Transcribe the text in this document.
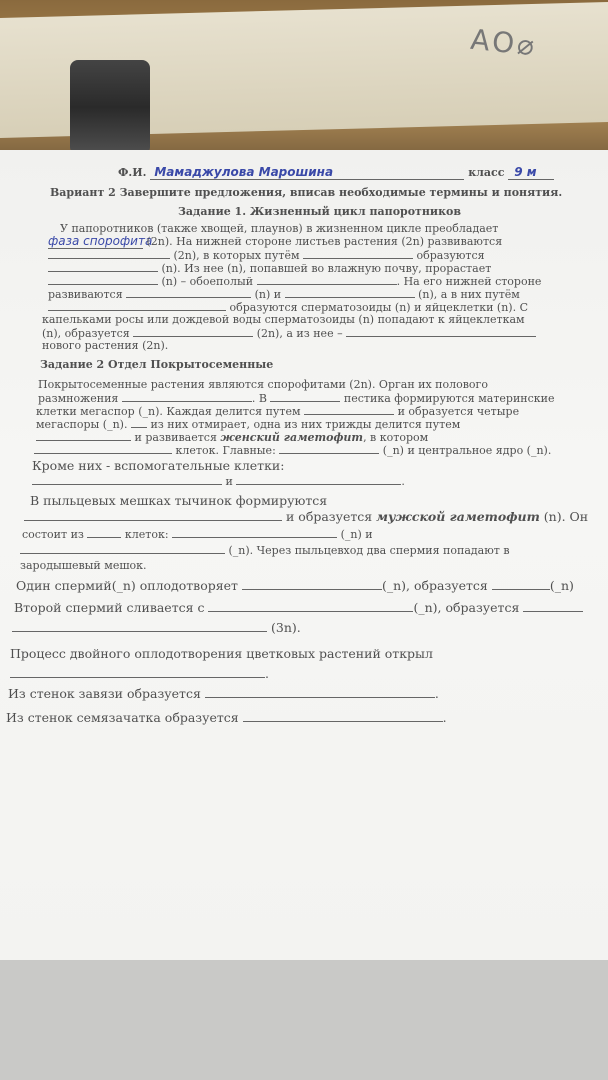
AO⌀
Ф.И. Мамаджулова Марошина	класс 9 м
Вариант 2 Завершите предложения, вписав необходимые термины и понятия.
Задание 1. Жизненный цикл папоротников
У папоротников (также хвощей, плаунов) в жизненном цикле преобладает
фаза спорофита (2n). На нижней стороне листьев растения (2n) развиваются
(2n), в которых путём	образуются
(n). Из нее (n), попавшей во влажную почву, прорастает
(n) – обоеполый	. На его нижней стороне
развиваются	(n) и	(n), а в них путём
образуются сперматозоиды (n) и яйцеклетки (n). С
капельками росы или дождевой воды сперматозоиды (n) попадают к яйцеклеткам
(n), образуется	(2n), а из нее –
нового растения (2n).
Задание 2 Отдел Покрытосеменные
Покрытосеменные растения являются спорофитами (2n). Орган их полового
размножения	. В	пестика формируются материнские
клетки мегаспор (_n). Каждая делится путем	и образуется четыре
мегаспоры (_n). из них отмирает, одна из них трижды делится путем
и развивается женский гаметофит, в котором
клеток. Главные:	(_n) и центральное ядро (_n).
Кроме них - вспомогательные клетки:
и	.
В пыльцевых мешках тычинок формируются
и образуется мужской гаметофит (n). Он
состоит из	клеток:	(_n) и
(_n). Через пыльцевход два спермия попадают в
зародышевый мешок.
Один спермий(_n) оплодотворяет	(_n), образуется	(_n)
Второй спермий сливается с	(_n), образуется
(3n).
Процесс двойного оплодотворения цветковых растений открыл
.
Из стенок завязи образуется	.
Из стенок семязачатка образуется	.
